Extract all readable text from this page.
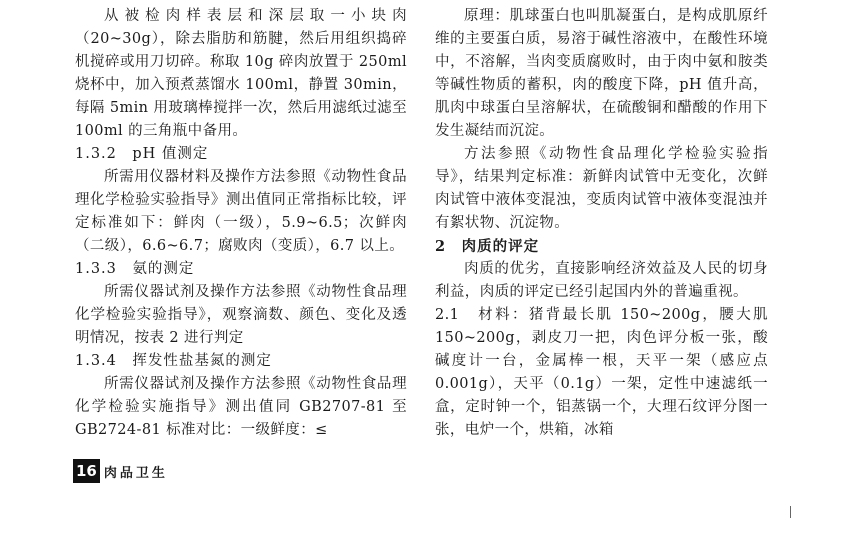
从被检肉样表层和深层取一小块肉（20~30g），除去脂肪和筋腱，然后用组织捣碎机搅碎或用刀切碎。称取 10g 碎肉放置于 250ml 烧杯中，加入预煮蒸馏水 100ml，静置 30min，每隔 5min 用玻璃棒搅拌一次，然后用滤纸过滤至 100ml 的三角瓶中备用。

1.3.2　pH 值测定

所需用仪器材料及操作方法参照《动物性食品理化学检验实验指导》测出值同正常指标比较，评定标准如下：鲜肉（一级），5.9~6.5；次鲜肉（二级），6.6~6.7；腐败肉（变质），6.7 以上。

1.3.3　氨的测定

所需仪器试剂及操作方法参照《动物性食品理化学检验实验指导》，观察滴数、颜色、变化及透明情况，按表 2 进行判定

1.3.4　挥发性盐基氮的测定

所需仪器试剂及操作方法参照《动物性食品理化学检验实施指导》测出值同 GB2707-81 至 GB2724-81 标准对比：一级鲜度：≤

原理：肌球蛋白也叫肌凝蛋白，是构成肌原纤维的主要蛋白质，易溶于碱性溶液中，在酸性环境中，不溶解，当肉变质腐败时，由于肉中氨和胺类等碱性物质的蓄积，肉的酸度下降，pH 值升高，肌肉中球蛋白呈溶解状，在硫酸铜和醋酸的作用下发生凝结而沉淀。

方法参照《动物性食品理化学检验实验指导》，结果判定标准：新鲜肉试管中无变化，次鲜肉试管中液体变混浊，变质肉试管中液体变混浊并有絮状物、沉淀物。

2　肉质的评定

肉质的优劣，直接影响经济效益及人民的切身利益，肉质的评定已经引起国内外的普遍重视。

2.1　材料：猪背最长肌 150~200g，腰大肌 150~200g，剥皮刀一把，肉色评分板一张，酸碱度计一台，金属棒一根，天平一架（感应点 0.001g），天平（0.1g）一架，定性中速滤纸一盒，定时钟一个，铝蒸锅一个，大理石纹评分图一张，电炉一个，烘箱，冰箱

16 肉品卫生
